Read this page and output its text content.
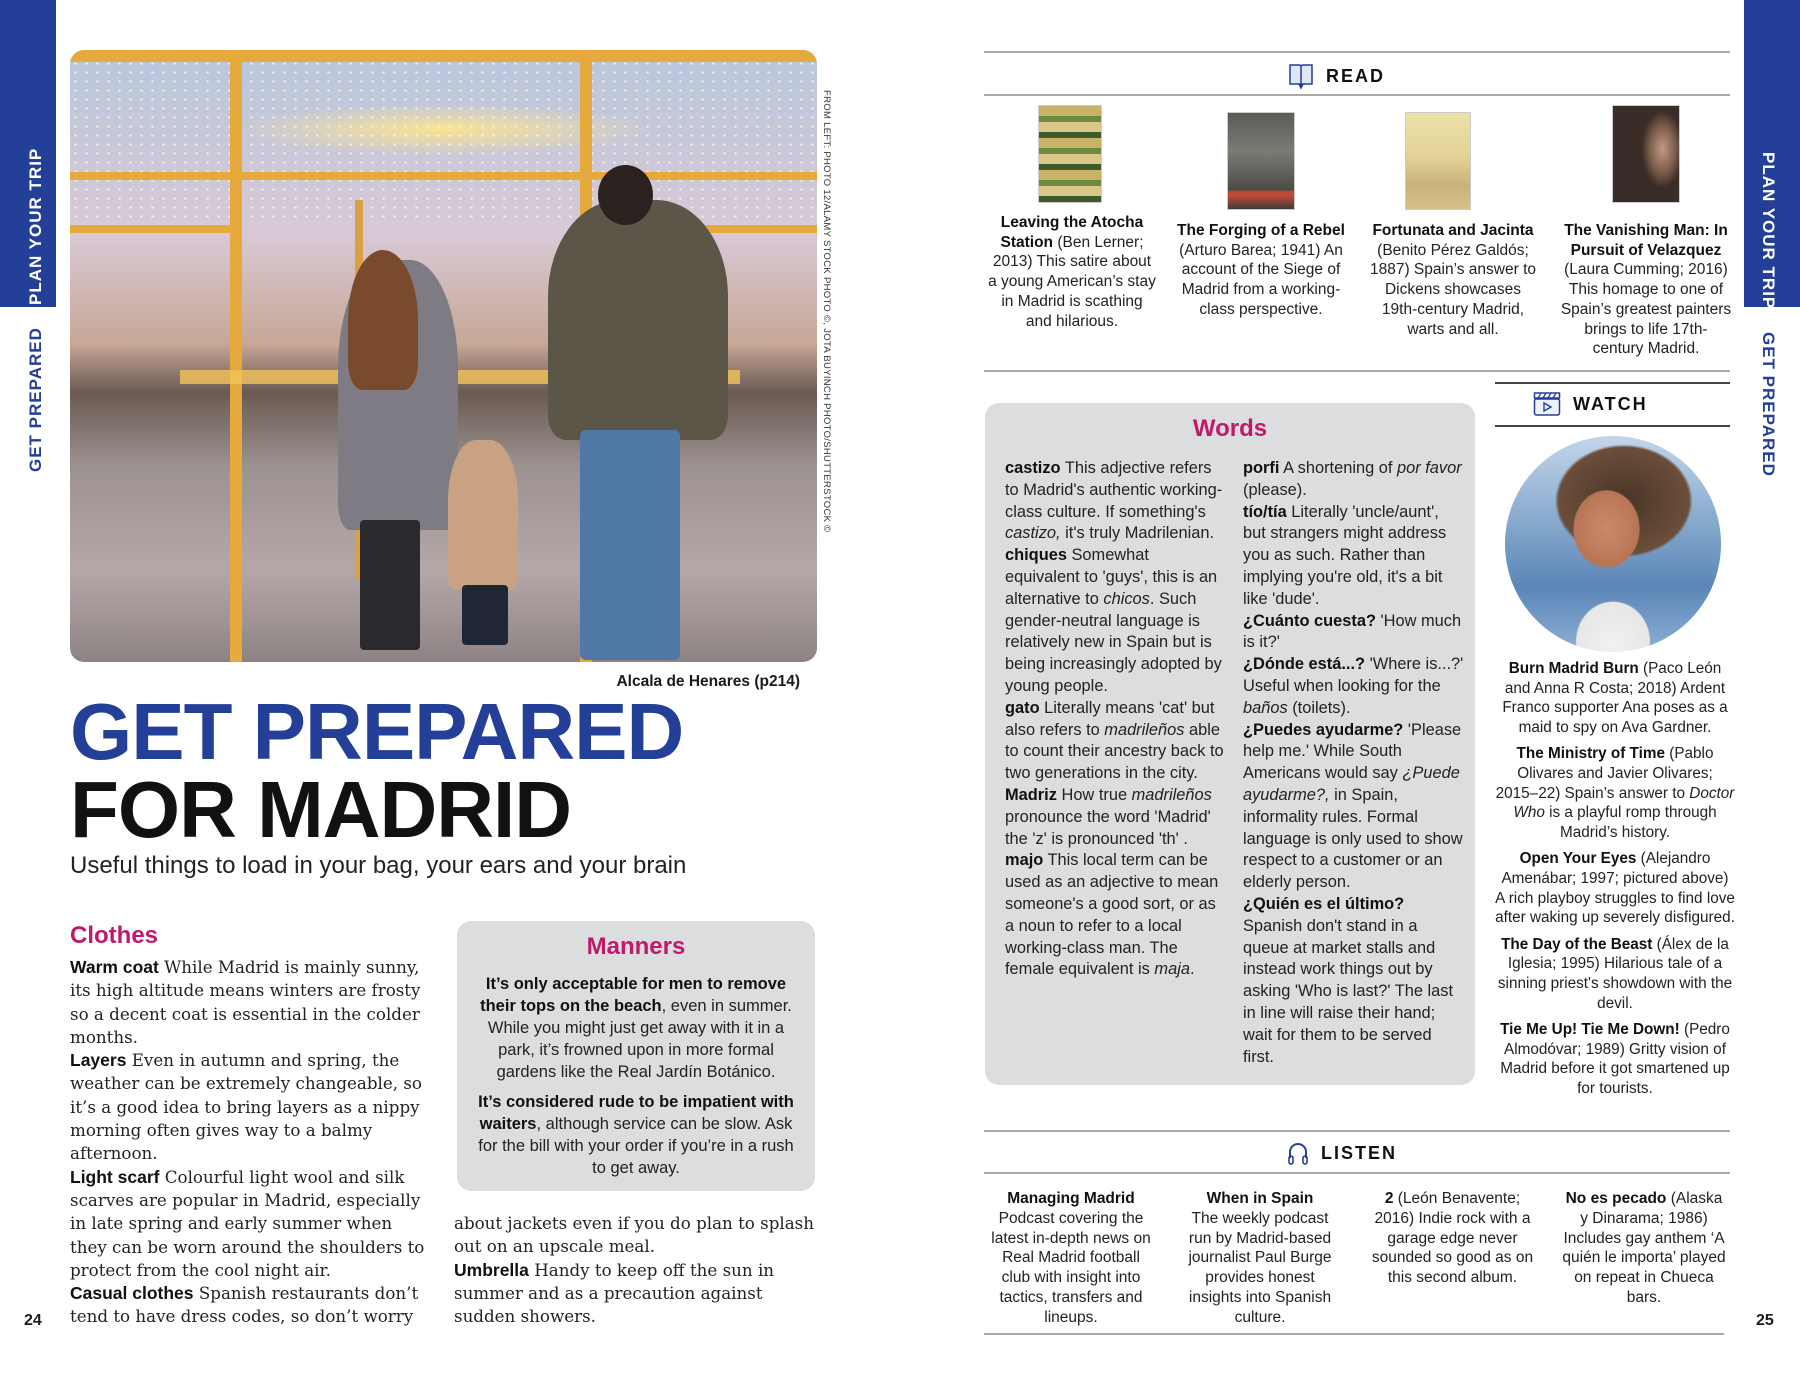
PLAN YOUR TRIP
GET PREPARED	FROM LEFT: PHOTO 12/ALAMY STOCK PHOTO ©, JOTA BUYINCH PHOTO/SHUTTERSTOCK ©
Alcala de Henares (p214)
GET PREPARED
FOR MADRID
Useful things to load in your bag, your ears and your brain
Clothes
Warm coat While Madrid is mainly sunny, its high altitude means winters are frosty so a decent coat is essential in the colder months.
Layers Even in autumn and spring, the weather can be extremely changeable, so it’s a good idea to bring layers as a nippy morning often gives way to a balmy afternoon.
Light scarf Colourful light wool and silk scarves are popular in Madrid, especially in late spring and early summer when they can be worn around the shoulders to protect from the cool night air.
Casual clothes Spanish restaurants don’t tend to have dress codes, so don’t worry
about jackets even if you do plan to splash out on an upscale meal.
Umbrella Handy to keep off the sun in summer and as a precaution against sudden showers.
Manners

It’s only acceptable for men to remove their tops on the beach, even in summer. While you might just get away with it in a park, it’s frowned upon in more formal gardens like the Real Jardín Botánico.

It’s considered rude to be impatient with waiters, although service can be slow. Ask for the bill with your order if you’re in a rush to get away.

24
READ
Leaving the Atocha Station (Ben Lerner; 2013) This satire about a young American’s stay in Madrid is scathing and hilarious.
The Forging of a Rebel (Arturo Barea; 1941) An account of the Siege of Madrid from a working-class perspective.
Fortunata and Jacinta (Benito Pérez Galdós; 1887) Spain’s answer to Dickens showcases 19th-century Madrid, warts and all.
The Vanishing Man: In Pursuit of Velazquez (Laura Cumming; 2016) This homage to one of Spain’s greatest painters brings to life 17th-century Madrid.
Words

castizo This adjective refers to Madrid's authentic working-class culture. If something's castizo, it's truly Madrilenian.

chiques Somewhat equivalent to 'guys', this is an alternative to chicos. Such gender-neutral language is relatively new in Spain but is being increasingly adopted by young people.

gato Literally means 'cat' but also refers to madrileños able to count their ancestry back to two generations in the city.

Madriz How true madrileños pronounce the word 'Madrid' the 'z' is pronounced 'th' .

majo This local term can be used as an adjective to mean someone's a good sort, or as a noun to refer to a local working-class man. The female equivalent is maja.

porfi A shortening of por favor (please).

tío/tía Literally 'uncle/aunt', but strangers might address you as such. Rather than implying you're old, it's a bit like 'dude'.

¿Cuánto cuesta? 'How much is it?'

¿Dónde está...? 'Where is...?' Useful when looking for the baños (toilets).

¿Puedes ayudarme? 'Please help me.' While South Americans would say ¿Puede ayudarme?, in Spain, informality rules. Formal language is only used to show respect to a customer or an elderly person.

¿Quién es el último? Spanish don't stand in a queue at market stalls and instead work things out by asking 'Who is last?' The last in line will raise their hand; wait for them to be served first.

WATCH
Burn Madrid Burn (Paco León and Anna R Costa; 2018) Ardent Franco supporter Ana poses as a maid to spy on Ava Gardner.
The Ministry of Time (Pablo Olivares and Javier Olivares; 2015–22) Spain’s answer to Doctor Who is a playful romp through Madrid’s history.
Open Your Eyes (Alejandro Amenábar; 1997; pictured above) A rich playboy struggles to find love after waking up severely disfigured.
The Day of the Beast (Álex de la Iglesia; 1995) Hilarious tale of a sinning priest's showdown with the devil.
Tie Me Up! Tie Me Down! (Pedro Almodóvar; 1989) Gritty vision of Madrid before it got smartened up for tourists.
LISTEN
Managing Madrid
Podcast covering the latest in-depth news on Real Madrid football club with insight into tactics, transfers and lineups.
When in Spain
The weekly podcast run by Madrid-based journalist Paul Burge provides honest insights into Spanish culture.
2 (León Benavente; 2016) Indie rock with a garage edge never sounded so good as on this second album.
No es pecado (Alaska y Dinarama; 1986) Includes gay anthem ‘A quién le importa’ played on repeat in Chueca bars.
25
PLAN YOUR TRIP
GET PREPARED
